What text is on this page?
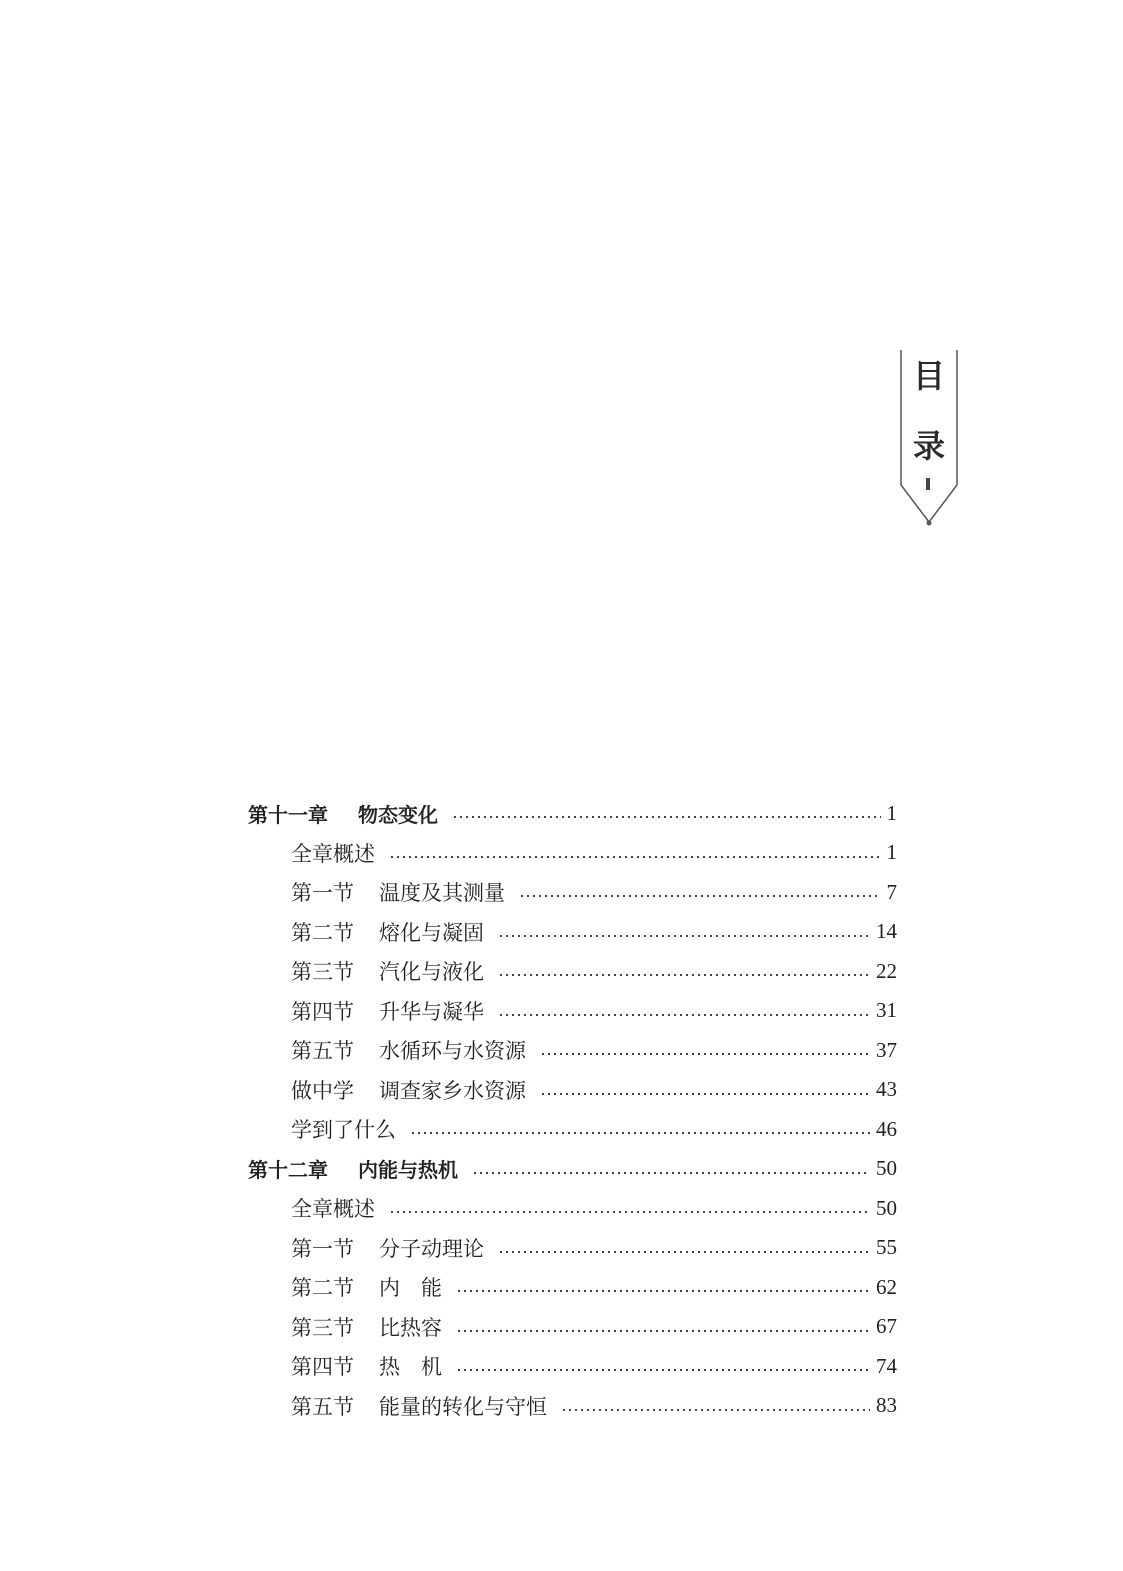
目
录
第十一章	物态变化	1
全章概述	1
第一节	温度及其测量	7
第二节	熔化与凝固	14
第三节	汽化与液化	22
第四节	升华与凝华	31
第五节	水循环与水资源	37
做中学	调查家乡水资源	43
学到了什么	46
第十二章	内能与热机	50
全章概述	50
第一节	分子动理论	55
第二节	内　能	62
第三节	比热容	67
第四节	热　机	74
第五节	能量的转化与守恒	83
